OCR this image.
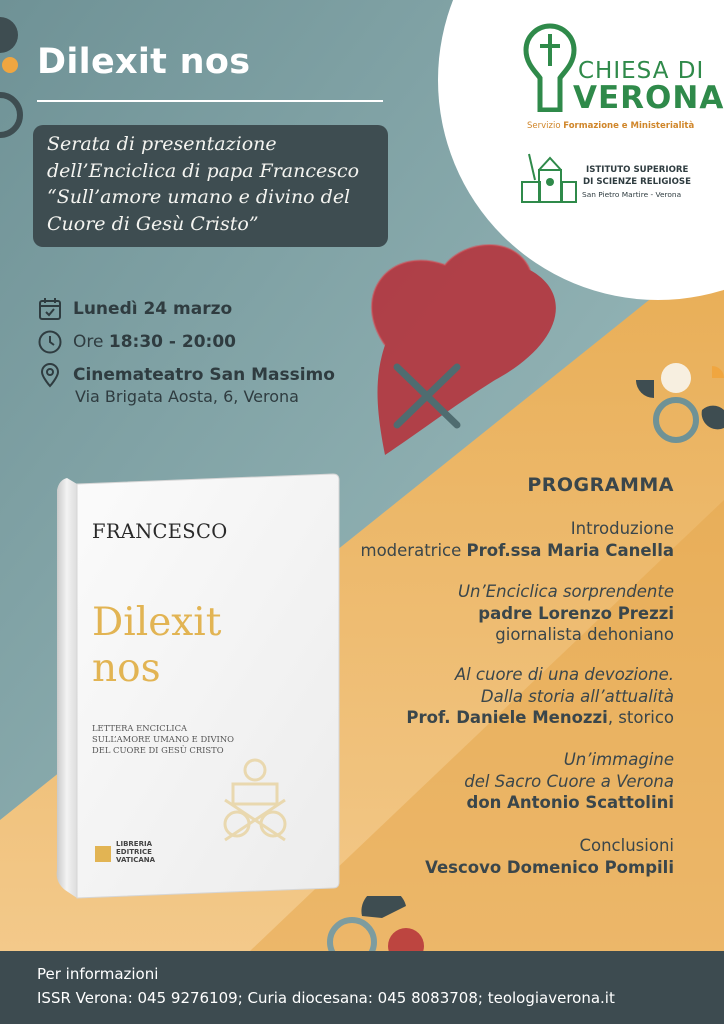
Dilexit nos
Serata di presentazione
dell’Enciclica di papa Francesco
“Sull’amore umano e divino del
Cuore di Gesù Cristo”
Lunedì 24 marzo
Ore 18:30 - 20:00
Cinemateatro San Massimo
Via Brigata Aosta, 6, Verona
CHIESA DI
VERONA
Servizio Formazione e Ministerialità
ISTITUTO SUPERIORE
DI SCIENZE RELIGIOSE
San Pietro Martire - Verona
FRANCESCO
Dilexit
nos
LETTERA ENCICLICA
SULL’AMORE UMANO E DIVINO
DEL CUORE DI GESÙ CRISTO
LIBRERIA
EDITRICE
VATICANA
PROGRAMMA
Introduzione
moderatrice Prof.ssa Maria Canella
Un’Enciclica sorprendente
padre Lorenzo Prezzi
giornalista dehoniano
Al cuore di una devozione.
Dalla storia all’attualità
Prof. Daniele Menozzi, storico
Un’immagine
del Sacro Cuore a Verona
don Antonio Scattolini
Conclusioni
Vescovo Domenico Pompili
Per informazioni
ISSR Verona: 045 9276109; Curia diocesana: 045 8083708; teologiaverona.it
